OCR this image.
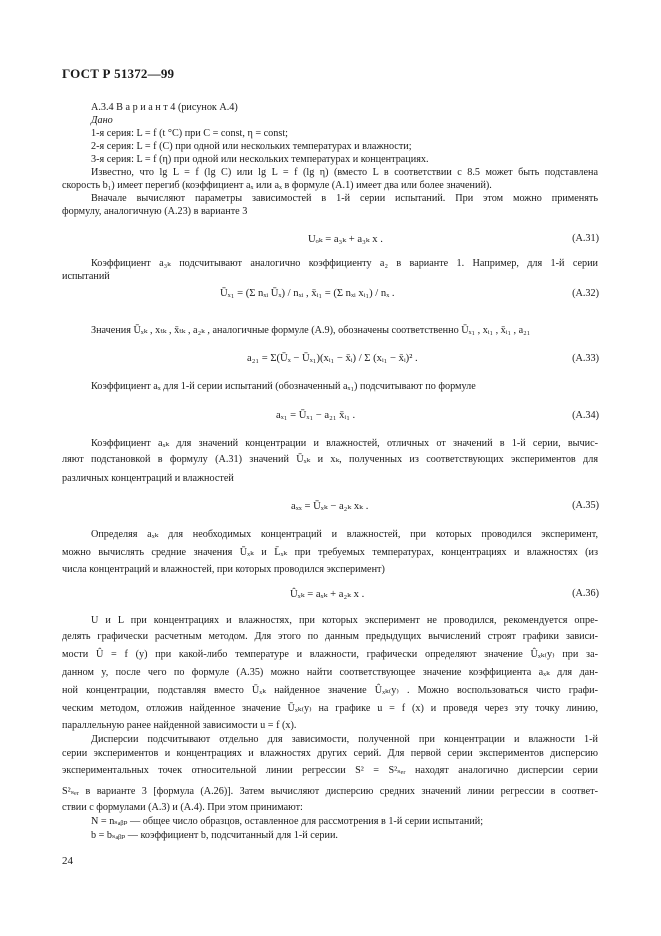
ГОСТ Р 51372—99
А.3.4 В а р и а н т 4 (рисунок А.4)
Дано
1-я серия: L = f (t °C) при C = const, η = const;
2-я серия: L = f (C) при одной или нескольких температурах и влажности;
3-я серия: L = f (η) при одной или нескольких температурах и концентрациях.
Известно, что lg L = f (lg C) или lg L = f (lg η) (вместо L в соответствии с 8.5 может быть подставлена
скорость b₁) имеет перегиб (коэффициент aₓ или aₓ в формуле (А.1) имеет два или более значений).
Вначале вычисляют параметры зависимостей в 1-й серии испытаний. При этом можно применять
формулу, аналогичную (А.23) в варианте 3
Uₒₖ = a₃ₖ + a₃ₖ x .	(А.31)
Коэффициент a₃ₖ подсчитывают аналогично коэффициенту a₂ в варианте 1. Например, для 1-й серии
испытаний
Ūₓ₁ = (Σ nₓᵢ Ūₓ) / nₓᵢ , x̄ᵢ₁ = (Σ nₓᵢ xᵢ₁) / nₓ .	(А.32)
Значения Ūₓₖ , xₜₖ , x̄ₜₖ , a₂ₖ , аналогичные формуле (А.9), обозначены соответственно Ūₓ₁ , xᵢ₁ , x̄ᵢ₁ , a₂₁
a₂₁ = Σ(Ūₓ − Ūₓ₁)(xᵢ₁ − x̄ᵢ) / Σ (xᵢ₁ − x̄ᵢ)² .	(А.33)
Коэффициент aₓ для 1-й серии испытаний (обозначенный aₓ₁) подсчитывают по формуле
aₓ₁ = Ūₓ₁ − a₂₁ x̄ᵢ₁ .	(А.34)
Коэффициент aₓₖ для значений концентрации и влажностей, отличных от значений в 1-й серии, вычис-
ляют подстановкой в формулу (А.31) значений Ūₓₖ и xₖ, полученных из соответствующих экспериментов для
различных концентраций и влажностей
aₓₓ = Ūₓₖ − a₂ₖ xₖ .	(А.35)
Определяя aₓₖ для необходимых концентраций и влажностей, при которых проводился эксперимент,
можно вычислять средние значения Ūₓₖ и L̄ₓₖ при требуемых температурах, концентрациях и влажностях (из
числа концентраций и влажностей, при которых проводился эксперимент)
Ûₓₖ = aₓₖ + a₂ₖ x .	(А.36)
U и L при концентрациях и влажностях, при которых эксперимент не проводился, рекомендуется опре-
делять графически расчетным методом. Для этого по данным предыдущих вычислений строят графики зависи-
мости Û = f (y) при какой-либо температуре и влажности, графически определяют значение Ûₓₖ₍y₎ при за-
данном y, после чего по формуле (А.35) можно найти соответствующее значение коэффициента aₓₖ для дан-
ной концентрации, подставляя вместо Ūₓₖ найденное значение Ûₓₖ₍y₎ . Можно воспользоваться чисто графи-
ческим методом, отложив найденное значение Ūₓₖ₍y₎ на графике u = f (x) и проведя через эту точку линию,
параллельную ранее найденной зависимости u = f (x).
Дисперсии подсчитывают отдельно для зависимости, полученной при концентрации и влажности 1-й
серии экспериментов и концентрациях и влажностях других серий. Для первой серии экспериментов дисперсию
экспериментальных точек относительной линии регрессии S² = S²ₛₑᵣ находят аналогично дисперсии серии
S²ₛₑᵣ в варианте 3 [формула (А.26)]. Затем вычисляют дисперсию средних значений линии регрессии в соответ-
ствии с формулами (А.3) и (А.4). При этом принимают:
N = nₛₐᵦₚ — общее число образцов, оставленное для рассмотрения в 1-й серии испытаний;
b = bₛₐᵦₚ — коэффициент b, подсчитанный для 1-й серии.
24
